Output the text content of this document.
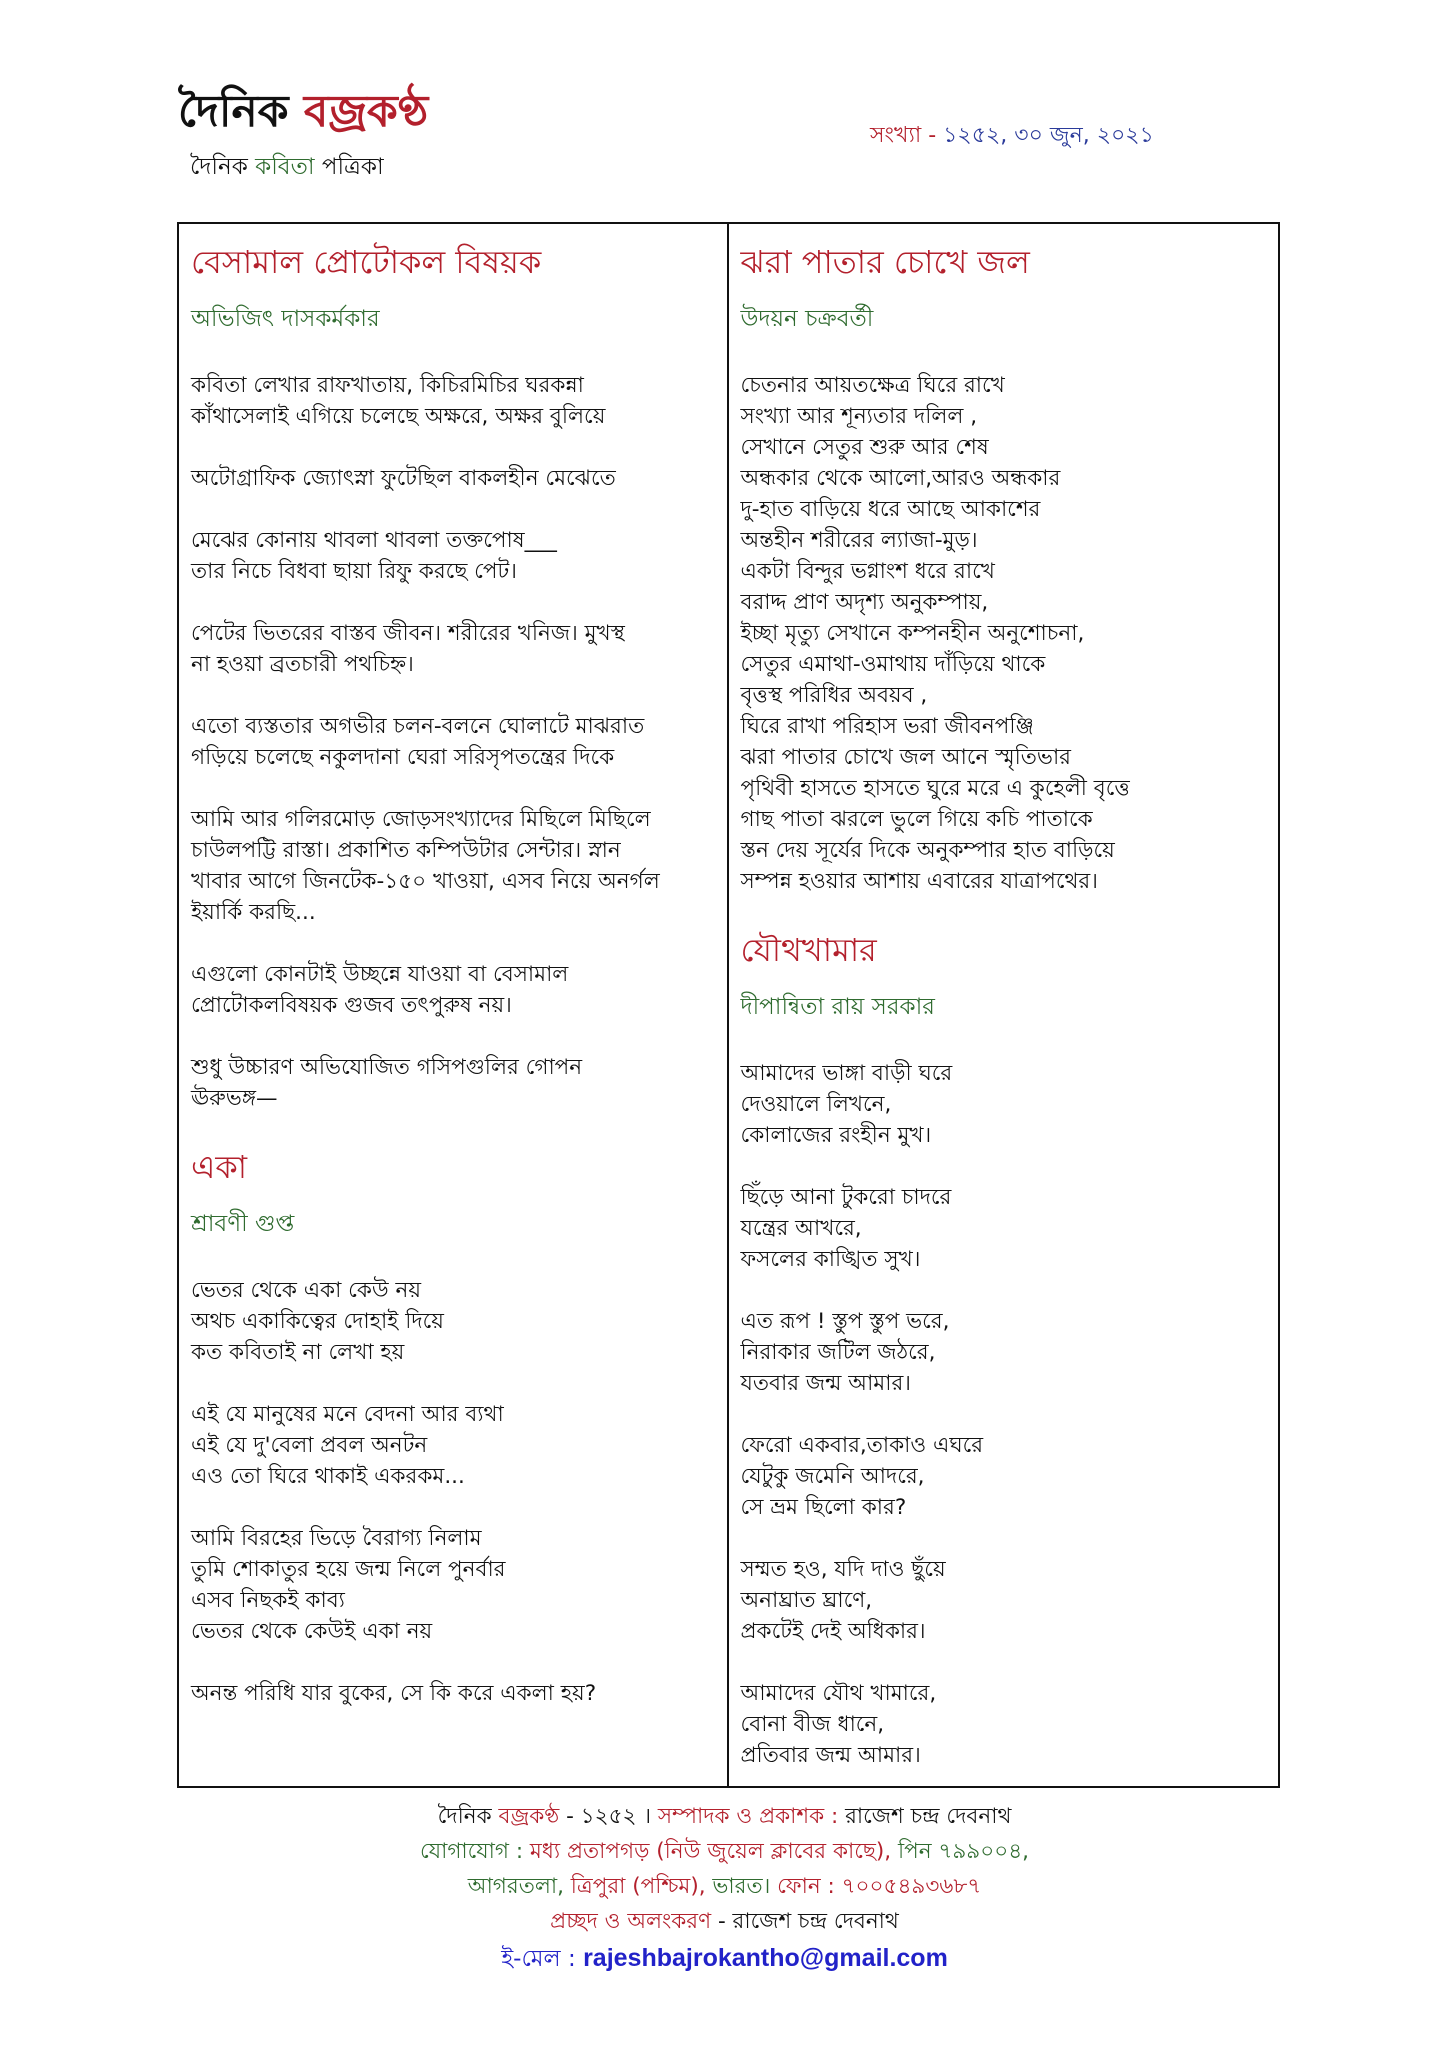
দৈনিক বজ্রকণ্ঠ
দৈনিক কবিতা পত্রিকা
সংখ্যা - ১২৫২, ৩০ জুন, ২০২১
বেসামাল প্রোটোকল বিষয়ক
অভিজিৎ দাসকর্মকার
কবিতা লেখার রাফখাতায়, কিচিরমিচির ঘরকন্না
কাঁথাসেলাই এগিয়ে চলেছে অক্ষরে, অক্ষর বুলিয়ে
অটোগ্রাফিক জ্যোৎস্না ফুটেছিল বাকলহীন মেঝেতে
মেঝের কোনায় থাবলা থাবলা তক্তপোষ___
তার নিচে বিধবা ছায়া রিফু করছে পেট।
পেটের ভিতরের বাস্তব জীবন। শরীরের খনিজ। মুখস্থ
না হওয়া ব্রতচারী পথচিহ্ন।
এতো ব্যস্ততার অগভীর চলন-বলনে ঘোলাটে মাঝরাত
গড়িয়ে চলেছে নকুলদানা ঘেরা সরিসৃপতন্ত্রের দিকে
আমি আর গলিরমোড় জোড়সংখ্যাদের মিছিলে মিছিলে
চাউলপট্টি রাস্তা। প্রকাশিত কম্পিউটার সেন্টার। স্নান
খাবার আগে জিনটেক-১৫০ খাওয়া, এসব নিয়ে অনর্গল
ইয়ার্কি করছি...
এগুলো কোনটাই উচ্ছন্নে যাওয়া বা বেসামাল
প্রোটোকলবিষয়ক গুজব তৎপুরুষ নয়।
শুধু উচ্চারণ অভিযোজিত গসিপগুলির গোপন
ঊরুভঙ্গ—
একা
শ্রাবণী গুপ্ত
ভেতর থেকে একা কেউ নয়
অথচ একাকিত্বের দোহাই দিয়ে
কত কবিতাই না লেখা হয়
এই যে মানুষের মনে বেদনা আর ব্যথা
এই যে দু'বেলা প্রবল অনটন
এও তো ঘিরে থাকাই একরকম...
আমি বিরহের ভিড়ে বৈরাগ্য নিলাম
তুমি শোকাতুর হয়ে জন্ম নিলে পুনর্বার
এসব নিছকই কাব্য
ভেতর থেকে কেউই একা নয়
অনন্ত পরিধি যার বুকের, সে কি করে একলা হয়?
ঝরা পাতার চোখে জল
উদয়ন চক্রবর্তী
চেতনার আয়তক্ষেত্র ঘিরে রাখে
সংখ্যা আর শূন্যতার দলিল ,
সেখানে সেতুর শুরু আর শেষ
অন্ধকার থেকে আলো,আরও অন্ধকার
দু-হাত বাড়িয়ে ধরে আছে আকাশের
অন্তহীন শরীরের ল্যাজা-মুড়।
একটা বিন্দুর ভগ্নাংশ ধরে রাখে
বরাদ্দ প্রাণ অদৃশ্য অনুকম্পায়,
ইচ্ছা মৃত্যু সেখানে কম্পনহীন অনুশোচনা,
সেতুর এমাথা-ওমাথায় দাঁড়িয়ে থাকে
বৃত্তস্থ পরিধির অবয়ব ,
ঘিরে রাখা পরিহাস ভরা জীবনপঞ্জি
ঝরা পাতার চোখে জল আনে স্মৃতিভার
পৃথিবী হাসতে হাসতে ঘুরে মরে এ কুহেলী বৃত্তে
গাছ পাতা ঝরলে ভুলে গিয়ে কচি পাতাকে
স্তন দেয় সূর্যের দিকে অনুকম্পার হাত বাড়িয়ে
সম্পন্ন হওয়ার আশায় এবারের যাত্রাপথের।
যৌথখামার
দীপান্বিতা রায় সরকার
আমাদের ভাঙ্গা বাড়ী ঘরে
দেওয়ালে লিখনে,
কোলাজের রংহীন মুখ।
ছিঁড়ে আনা টুকরো চাদরে
যন্ত্রের আখরে,
ফসলের কাঙ্খিত সুখ।
এত রূপ ! স্তুপ স্তুপ ভরে,
নিরাকার জটিল জঠরে,
যতবার জন্ম আমার।
ফেরো একবার,তাকাও এঘরে
যেটুকু জমেনি আদরে,
সে ভ্রম ছিলো কার?
সম্মত হও, যদি দাও ছুঁয়ে
অনাঘ্রাত ঘ্রাণে,
প্রকটেই দেই অধিকার।
আমাদের যৌথ খামারে,
বোনা বীজ ধানে,
প্রতিবার জন্ম আমার।
দৈনিক বজ্রকণ্ঠ - ১২৫২ । সম্পাদক ও প্রকাশক : রাজেশ চন্দ্র দেবনাথ
যোগাযোগ : মধ্য প্রতাপগড় (নিউ জুয়েল ক্লাবের কাছে), পিন ৭৯৯০০৪,
আগরতলা, ত্রিপুরা (পশ্চিম), ভারত। ফোন : ৭০০৫৪৯৩৬৮৭
প্রচ্ছদ ও অলংকরণ - রাজেশ চন্দ্র দেবনাথ
ই-মেল : rajeshbajrokantho@gmail.com
